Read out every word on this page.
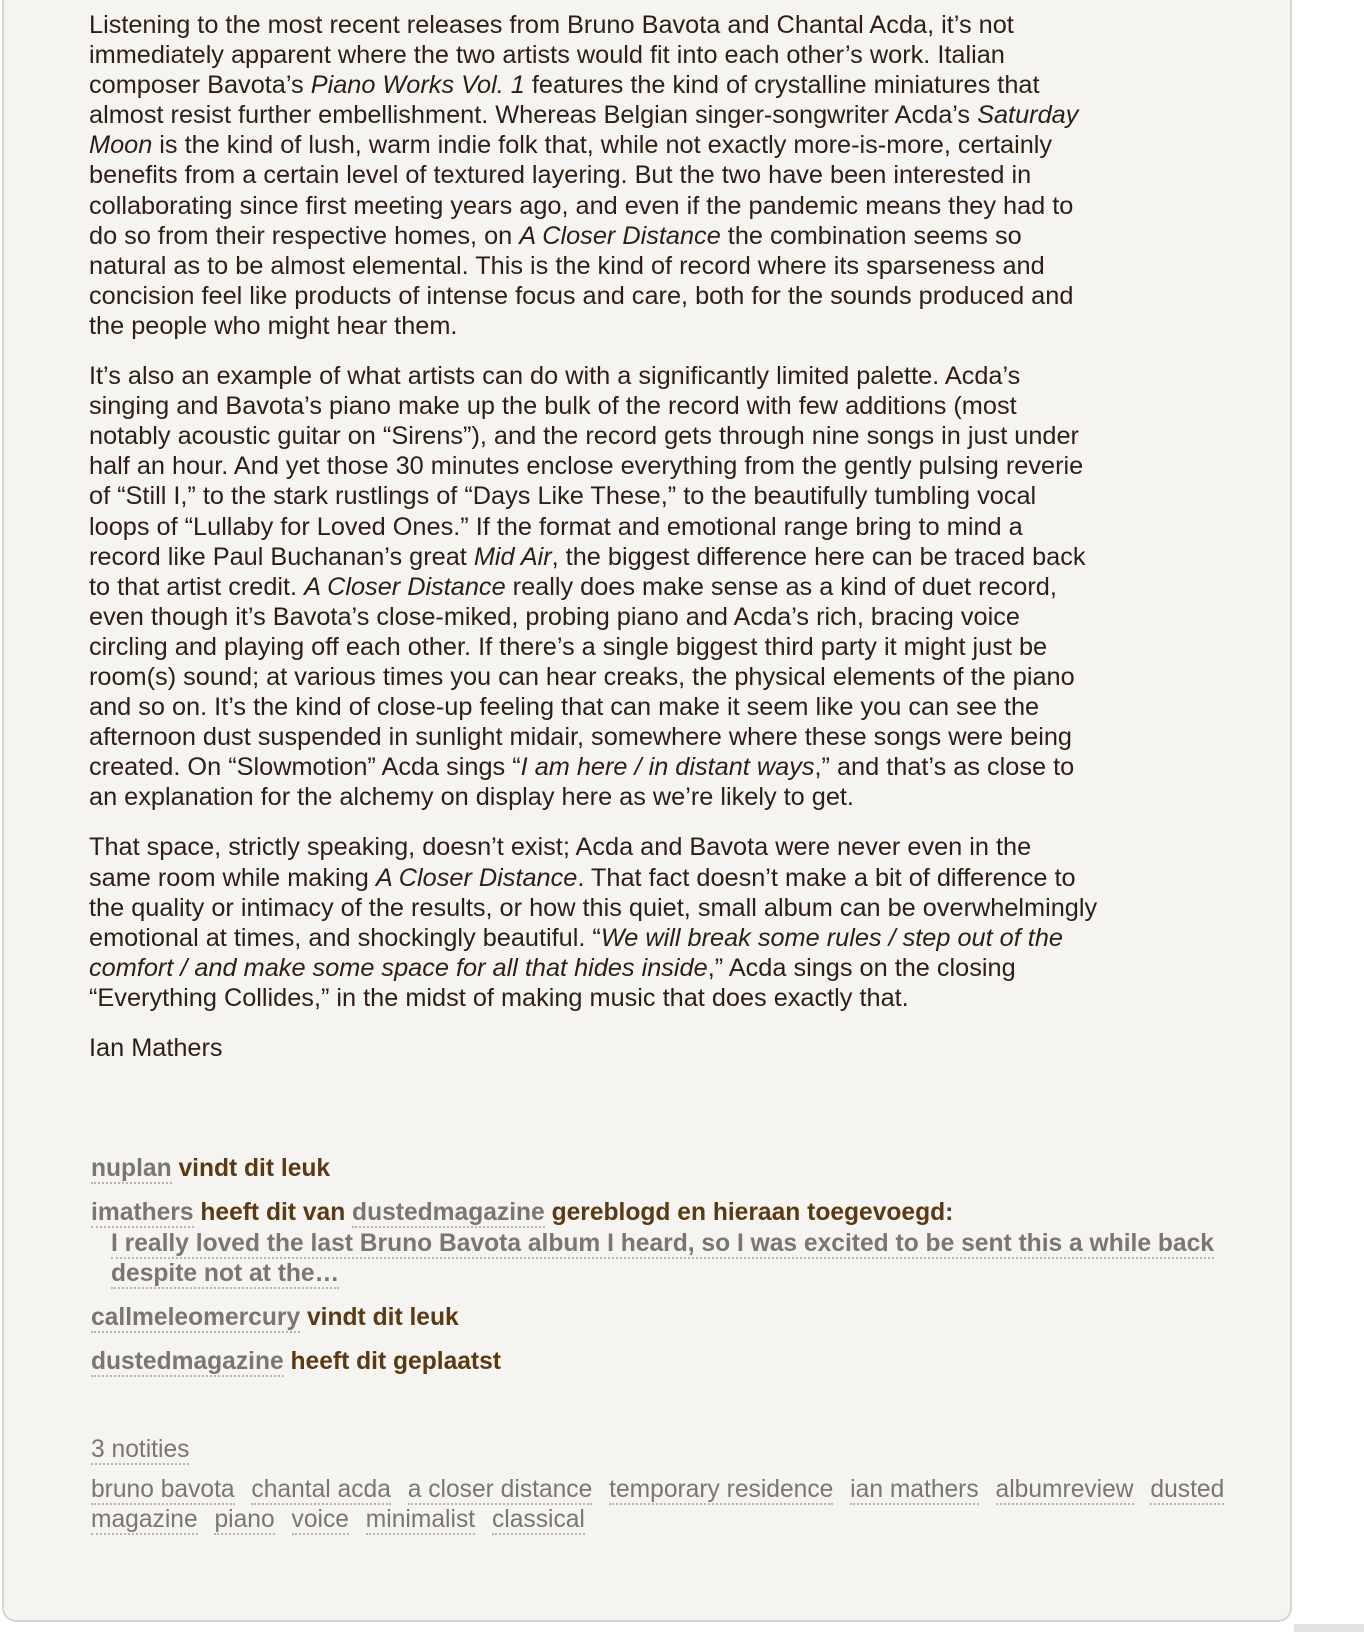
Listening to the most recent releases from Bruno Bavota and Chantal Acda, it’s not immediately apparent where the two artists would fit into each other’s work. Italian composer Bavota’s Piano Works Vol. 1 features the kind of crystalline miniatures that almost resist further embellishment. Whereas Belgian singer-songwriter Acda’s Saturday Moon is the kind of lush, warm indie folk that, while not exactly more-is-more, certainly benefits from a certain level of textured layering. But the two have been interested in collaborating since first meeting years ago, and even if the pandemic means they had to do so from their respective homes, on A Closer Distance the combination seems so natural as to be almost elemental. This is the kind of record where its sparseness and concision feel like products of intense focus and care, both for the sounds produced and the people who might hear them.

It’s also an example of what artists can do with a significantly limited palette. Acda’s singing and Bavota’s piano make up the bulk of the record with few additions (most notably acoustic guitar on “Sirens”), and the record gets through nine songs in just under half an hour. And yet those 30 minutes enclose everything from the gently pulsing reverie of “Still I,” to the stark rustlings of “Days Like These,” to the beautifully tumbling vocal loops of “Lullaby for Loved Ones.” If the format and emotional range bring to mind a record like Paul Buchanan’s great Mid Air, the biggest difference here can be traced back to that artist credit. A Closer Distance really does make sense as a kind of duet record, even though it’s Bavota’s close-miked, probing piano and Acda’s rich, bracing voice circling and playing off each other. If there’s a single biggest third party it might just be room(s) sound; at various times you can hear creaks, the physical elements of the piano and so on. It’s the kind of close-up feeling that can make it seem like you can see the afternoon dust suspended in sunlight midair, somewhere where these songs were being created. On “Slowmotion” Acda sings “I am here / in distant ways,” and that’s as close to an explanation for the alchemy on display here as we’re likely to get.

That space, strictly speaking, doesn’t exist; Acda and Bavota were never even in the same room while making A Closer Distance. That fact doesn’t make a bit of difference to the quality or intimacy of the results, or how this quiet, small album can be overwhelmingly emotional at times, and shockingly beautiful. “We will break some rules / step out of the comfort / and make some space for all that hides inside,” Acda sings on the closing “Everything Collides,” in the midst of making music that does exactly that.

Ian Mathers

nuplan vindt dit leuk
imathers heeft dit van dustedmagazine gereblogd en hieraan toegevoegd:
I really loved the last Bruno Bavota album I heard, so I was excited to be sent this a while back despite not at the…
callmeleomercury vindt dit leuk
dustedmagazine heeft dit geplaatst
3 notities
bruno bavota chantal acda a closer distance temporary residence ian mathers albumreview dusted magazine piano voice minimalist classical
